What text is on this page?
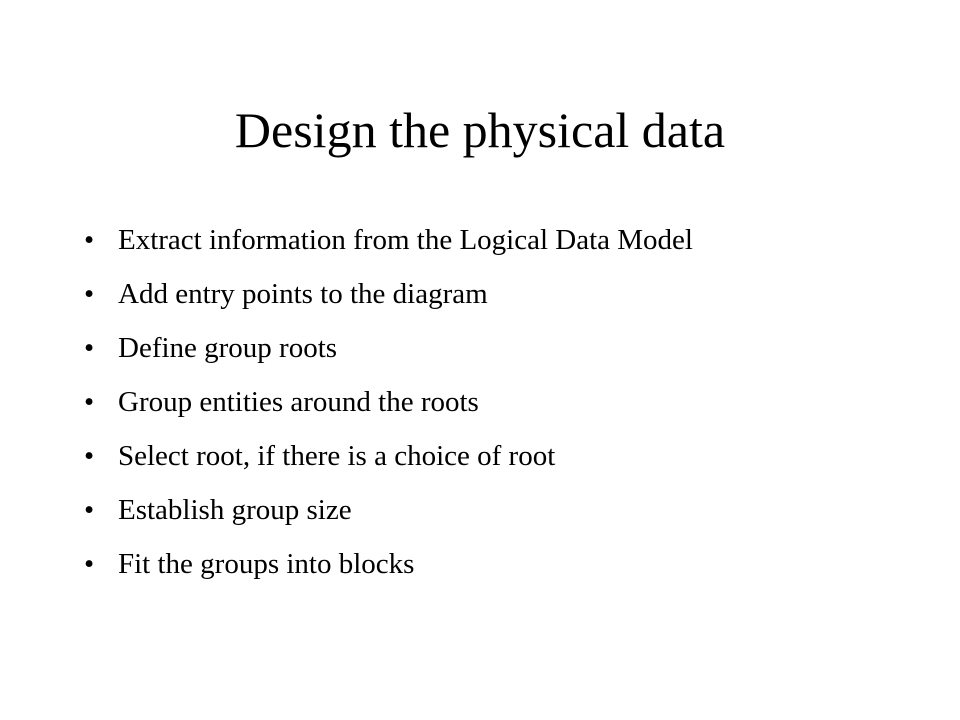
Design the physical data
• Extract information from the Logical Data Model
• Add entry points to the diagram
• Define group roots
• Group entities around the roots
• Select root, if there is a choice of root
• Establish group size
• Fit the groups into blocks
